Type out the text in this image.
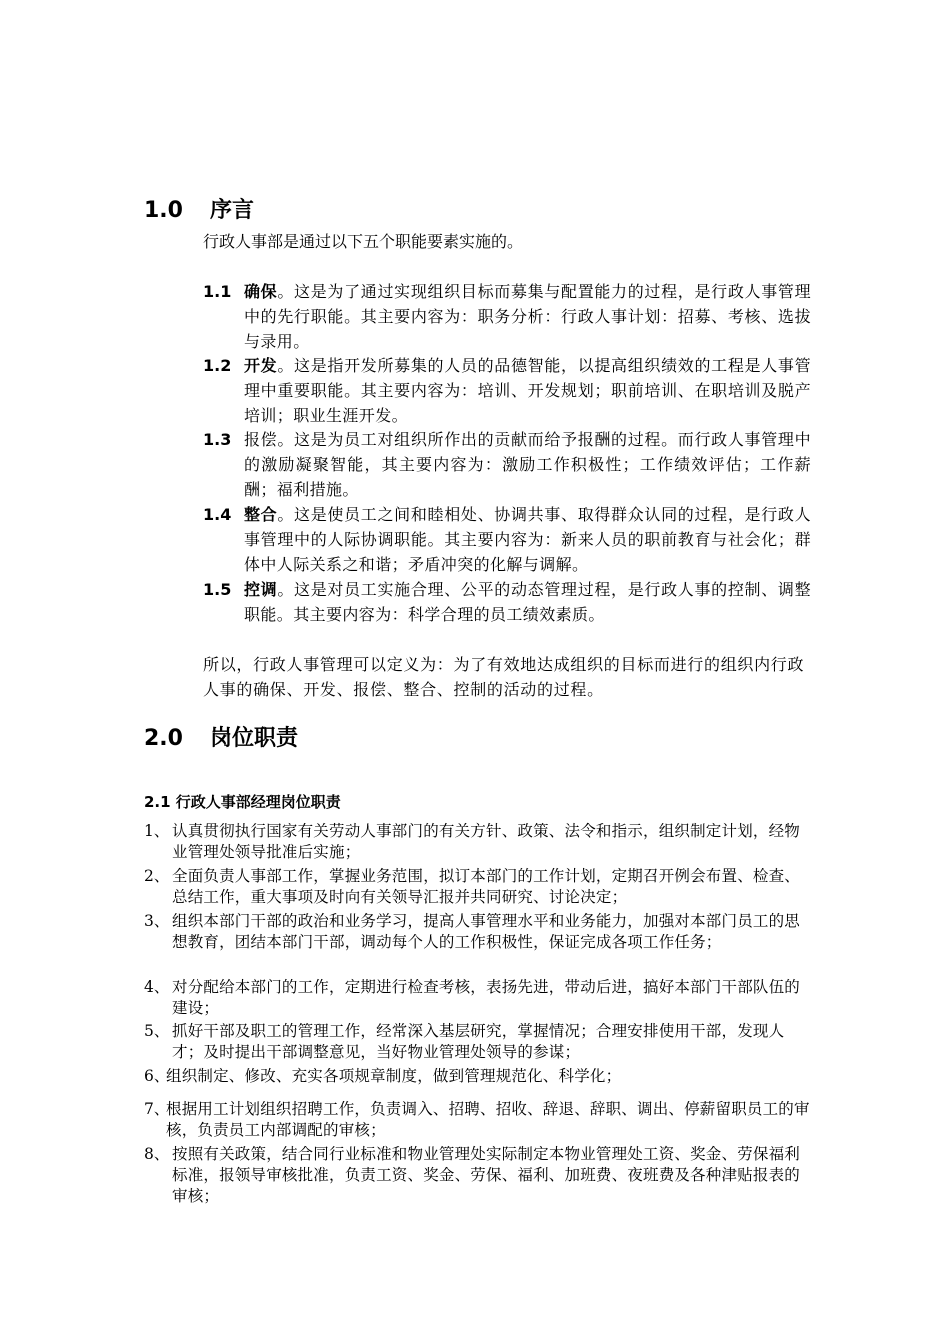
1.0 序言

行政人事部是通过以下五个职能要素实施的。

1.1 确保。这是为了通过实现组织目标而募集与配置能力的过程，是行政人事管理中的先行职能。其主要内容为：职务分析：行政人事计划：招募、考核、选拔与录用。
1.2 开发。这是指开发所募集的人员的品德智能，以提高组织绩效的工程是人事管理中重要职能。其主要内容为：培训、开发规划；职前培训、在职培训及脱产培训；职业生涯开发。
1.3 报偿。这是为员工对组织所作出的贡献而给予报酬的过程。而行政人事管理中的激励凝聚智能，其主要内容为：激励工作积极性；工作绩效评估；工作薪酬；福利措施。
1.4 整合。这是使员工之间和睦相处、协调共事、取得群众认同的过程，是行政人事管理中的人际协调职能。其主要内容为：新来人员的职前教育与社会化；群体中人际关系之和谐；矛盾冲突的化解与调解。
1.5 控调。这是对员工实施合理、公平的动态管理过程，是行政人事的控制、调整职能。其主要内容为：科学合理的员工绩效素质。

所以，行政人事管理可以定义为：为了有效地达成组织的目标而进行的组织内行政人事的确保、开发、报偿、整合、控制的活动的过程。

2.0 岗位职责
2.1 行政人事部经理岗位职责
1、 认真贯彻执行国家有关劳动人事部门的有关方针、政策、法令和指示，组织制定计划，经物业管理处领导批准后实施；
2、 全面负责人事部工作，掌握业务范围，拟订本部门的工作计划，定期召开例会布置、检查、总结工作，重大事项及时向有关领导汇报并共同研究、讨论决定；
3、 组织本部门干部的政治和业务学习，提高人事管理水平和业务能力，加强对本部门员工的思想教育，团结本部门干部，调动每个人的工作积极性，保证完成各项工作任务；
4、 对分配给本部门的工作，定期进行检查考核，表扬先进，带动后进，搞好本部门干部队伍的建设；
5、 抓好干部及职工的管理工作，经常深入基层研究，掌握情况；合理安排使用干部，发现人才；及时提出干部调整意见，当好物业管理处领导的参谋；
6、
组织制定、修改、充实各项规章制度，做到管理规范化、科学化；
7、
根据用工计划组织招聘工作，负责调入、招聘、招收、辞退、辞职、调出、停薪留职员工的审核，负责员工内部调配的审核；
8、 按照有关政策，结合同行业标准和物业管理处实际制定本物业管理处工资、奖金、劳保福利标准，报领导审核批准，负责工资、奖金、劳保、福利、加班费、夜班费及各种津贴报表的审核；
